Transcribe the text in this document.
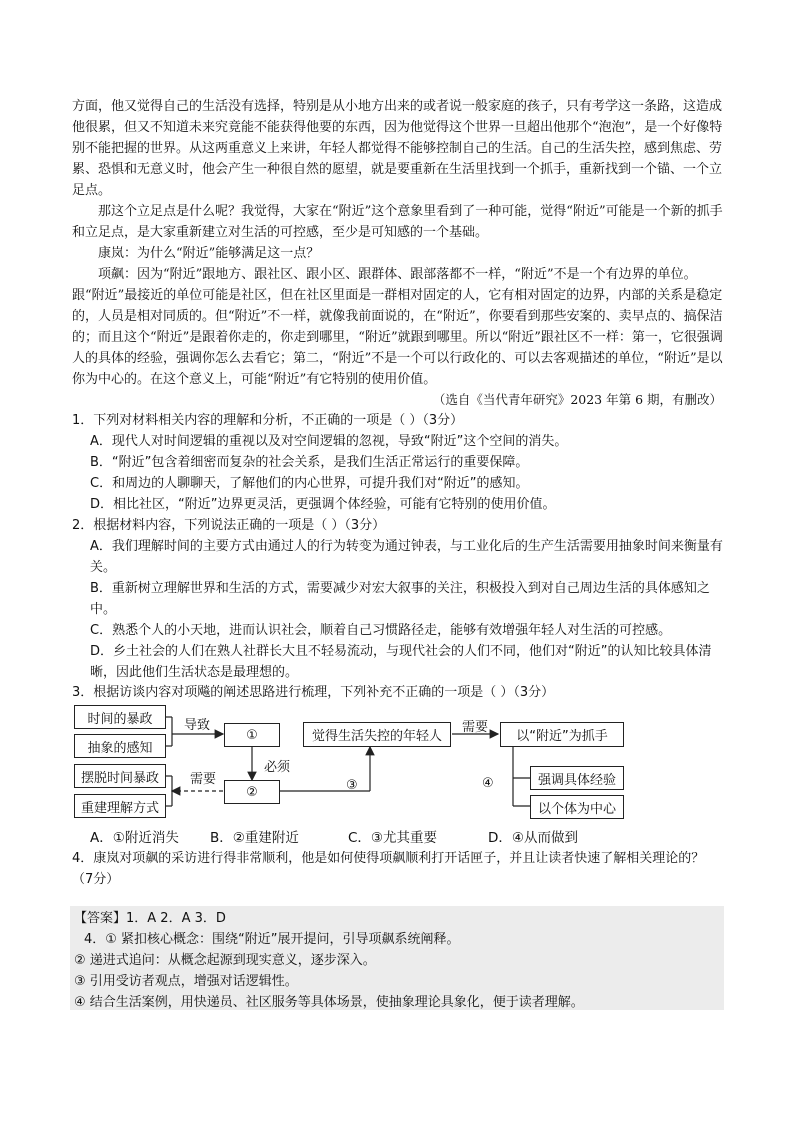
方面，他又觉得自己的生活没有选择，特别是从小地方出来的或者说一般家庭的孩子，只有考学这一条路，这造成他很累，但又不知道未来究竟能不能获得他要的东西，因为他觉得这个世界一旦超出他那个“泡泡”，是一个好像特别不能把握的世界。从这两重意义上来讲，年轻人都觉得不能够控制自己的生活。自己的生活失控，感到焦虑、劳累、恐惧和无意义时，他会产生一种很自然的愿望，就是要重新在生活里找到一个抓手，重新找到一个锚、一个立足点。

那这个立足点是什么呢？我觉得，大家在“附近”这个意象里看到了一种可能，觉得“附近”可能是一个新的抓手和立足点，是大家重新建立对生活的可控感，至少是可知感的一个基础。

康岚：为什么“附近”能够满足这一点？

项飙：因为“附近”跟地方、跟社区、跟小区、跟群体、跟部落都不一样，“附近”不是一个有边界的单位。跟“附近”最接近的单位可能是社区，但在社区里面是一群相对固定的人，它有相对固定的边界，内部的关系是稳定的，人员是相对同质的。但“附近”不一样，就像我前面说的，在“附近”，你要看到那些安案的、卖早点的、搞保洁的；而且这个“附近”是跟着你走的，你走到哪里，“附近”就跟到哪里。所以“附近”跟社区不一样：第一，它很强调人的具体的经验，强调你怎么去看它；第二，“附近”不是一个可以行政化的、可以去客观描述的单位，“附近”是以你为中心的。在这个意义上，可能“附近”有它特别的使用价值。

（选自《当代青年研究》2023 年第 6 期，有删改）
1．下列对材料相关内容的理解和分析，不正确的一项是（ ）（3分）
A．现代人对时间逻辑的重视以及对空间逻辑的忽视，导致“附近”这个空间的消失。
B．“附近”包含着细密而复杂的社会关系，是我们生活正常运行的重要保障。
C．和周边的人聊聊天，了解他们的内心世界，可提升我们对“附近”的感知。
D．相比社区，“附近”边界更灵活，更强调个体经验，可能有它特别的使用价值。
2．根据材料内容，下列说法正确的一项是（ ）（3分）
A．我们理解时间的主要方式由通过人的行为转变为通过钟表，与工业化后的生产生活需要用抽象时间来衡量有关。
B．重新树立理解世界和生活的方式，需要减少对宏大叙事的关注，积极投入到对自己周边生活的具体感知之中。
C．熟悉个人的小天地，进而认识社会，顺着自己习惯路径走，能够有效增强年轻人对生活的可控感。
D．乡土社会的人们在熟人社群长大且不轻易流动，与现代社会的人们不同，他们对“附近”的认知比较具体清晰，因此他们生活状态是最理想的。
3．根据访谈内容对项飚的阐述思路进行梳理，下列补充不正确的一项是（ ）（3分）
时间的暴政
抽象的感知
摆脱时间暴政
重建理解方式
①
②
觉得生活失控的年轻人	以“附近”为抓手
强调具体经验
以个体为中心
导致
必须
需要	③
需要
④
A．①附近消失 B．②重建附近	C．③尤其重要	D．④从而做到
4．康岚对项飙的采访进行得非常顺利，他是如何使得项飙顺利打开话匣子，并且让读者快速了解相关理论的？（7分）
【答案】1．A 2．A 3．D
4．① 紧扣核心概念：围绕“附近”展开提问，引导项飙系统阐释。
② 递进式追问：从概念起源到现实意义，逐步深入。
③ 引用受访者观点，增强对话逻辑性。
④ 结合生活案例，用快递员、社区服务等具体场景，使抽象理论具象化，便于读者理解。
